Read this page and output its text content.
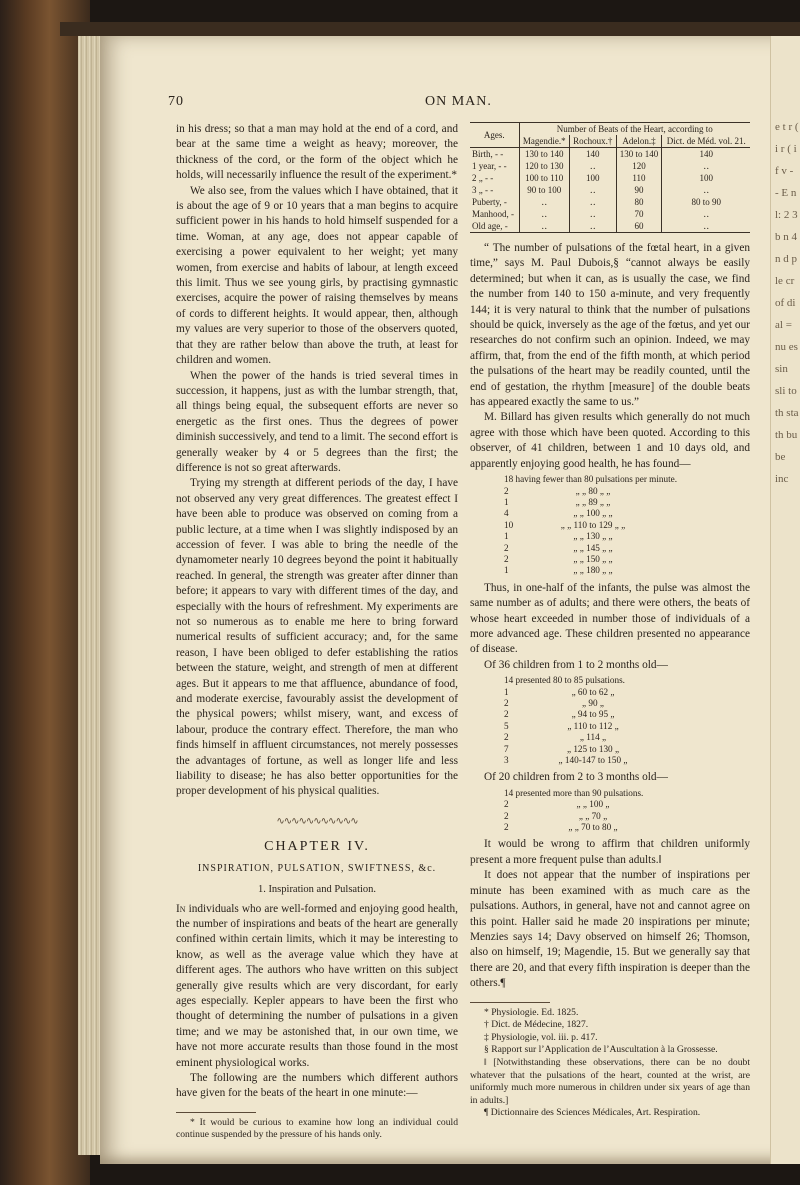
e t r ( i r ( i f v - - E n l: 2 3 b n 4 n d p le cr of di al = nu es sin sli to th sta th bu be inc
70	ON MAN.

in his dress; so that a man may hold at the end of a cord, and bear at the same time a weight as heavy; moreover, the thickness of the cord, or the form of the object which he holds, will necessarily influence the result of the experiment.*

We also see, from the values which I have obtained, that it is about the age of 9 or 10 years that a man begins to acquire sufficient power in his hands to hold himself suspended for a time. Woman, at any age, does not appear capable of exercising a power equivalent to her weight; yet many women, from exercise and habits of labour, at length exceed this limit. Thus we see young girls, by practising gymnastic exercises, acquire the power of raising themselves by means of cords to different heights. It would appear, then, although my values are very superior to those of the observers quoted, that they are rather below than above the truth, at least for children and women.

When the power of the hands is tried several times in succession, it happens, just as with the lumbar strength, that, all things being equal, the subsequent efforts are never so energetic as the first ones. Thus the degrees of power diminish successively, and tend to a limit. The second effort is generally weaker by 4 or 5 degrees than the first; the difference is not so great afterwards.

Trying my strength at different periods of the day, I have not observed any very great differences. The greatest effect I have been able to produce was observed on coming from a public lecture, at a time when I was slightly indisposed by an accession of fever. I was able to bring the needle of the dynamometer nearly 10 degrees beyond the point it habitually reached. In general, the strength was greater after dinner than before; it appears to vary with different times of the day, and especially with the hours of refreshment. My experiments are not so numerous as to enable me here to bring forward numerical results of sufficient accuracy; and, for the same reason, I have been obliged to defer establishing the ratios between the stature, weight, and strength of men at different ages. But it appears to me that affluence, abundance of food, and moderate exercise, favourably assist the development of the physical powers; whilst misery, want, and excess of labour, produce the contrary effect. Therefore, the man who finds himself in affluent circumstances, not merely possesses the advantages of fortune, as well as longer life and less liability to disease; he has also better opportunities for the proper development of his physical qualities.

∿∿∿∿∿∿∿∿∿∿∿
CHAPTER IV.
INSPIRATION, PULSATION, SWIFTNESS, &c.
1. Inspiration and Pulsation.

In individuals who are well-formed and enjoying good health, the number of inspirations and beats of the heart are generally confined within certain limits, which it may be interesting to know, as well as the average value which they have at different ages. The authors who have written on this subject generally give results which are very discordant, for early ages especially. Kepler appears to have been the first who thought of determining the number of pulsations in a given time; and we may be astonished that, in our own time, we have not more accurate results than those found in the most eminent physiological works.

The following are the numbers which different authors have given for the beats of the heart in one minute:—

* It would be curious to examine how long an individual could continue suspended by the pressure of his hands only.

Ages.	Number of Beats of the Heart, according to			
	Magendie.*	Rochoux.†	Adelon.‡	Dict. de Méd. vol. 21.
Birth, - -	130 to 140	140	130 to 140	140
1 year, - -	120 to 130	‥	120	‥
2 „ - -	100 to 110	100	110	100
3 „ - -	90 to 100	‥	90	‥
Puberty, -	‥	‥	80	80 to 90
Manhood, -	‥	‥	70	‥
Old age, -	‥	‥	60	‥

“ The number of pulsations of the fœtal heart, in a given time,” says M. Paul Dubois,§ “cannot always be easily determined; but when it can, as is usually the case, we find the number from 140 to 150 a-minute, and very frequently 144; it is very natural to think that the number of pulsations should be quick, inversely as the age of the fœtus, and yet our researches do not confirm such an opinion. Indeed, we may affirm, that, from the end of the fifth month, at which period the pulsations of the heart may be readily counted, until the end of gestation, the rhythm [measure] of the double beats has appeared exactly the same to us.”

M. Billard has given results which generally do not much agree with those which have been quoted. According to this observer, of 41 children, between 1 and 10 days old, and apparently enjoying good health, he has found—

18 having fewer than 80 pulsations per minute.
2	„ „ 80 „ „
1	„ „ 89 „ „
4	„ „ 100 „ „
10	„ „ 110 to 129 „ „
1	„ „ 130 „ „
2	„ „ 145 „ „
2	„ „ 150 „ „
1	„ „ 180 „ „

Thus, in one-half of the infants, the pulse was almost the same number as of adults; and there were others, the beats of whose heart exceeded in number those of individuals of a more advanced age. These children presented no appearance of disease.

Of 36 children from 1 to 2 months old—

14 presented 80 to 85 pulsations.
1	„ 60 to 62 „
2	„ 90 „
2	„ 94 to 95 „
5	„ 110 to 112 „
2	„ 114 „
7	„ 125 to 130 „
3	„ 140-147 to 150 „

Of 20 children from 2 to 3 months old—

14 presented more than 90 pulsations.
2	„ „ 100 „
2	„ „ 70 „
2	„ „ 70 to 80 „

It would be wrong to affirm that children uniformly present a more frequent pulse than adults.‖

It does not appear that the number of inspirations per minute has been examined with as much care as the pulsations. Authors, in general, have not and cannot agree on this point. Haller said he made 20 inspirations per minute; Menzies says 14; Davy observed on himself 26; Thomson, also on himself, 19; Magendie, 15. But we generally say that there are 20, and that every fifth inspiration is deeper than the others.¶

* Physiologie. Ed. 1825.

† Dict. de Médecine, 1827.

‡ Physiologie, vol. iii. p. 417.

§ Rapport sur l’Application de l’Auscultation à la Grossesse.

‖ [Notwithstanding these observations, there can be no doubt whatever that the pulsations of the heart, counted at the wrist, are uniformly much more numerous in children under six years of age than in adults.]

¶ Dictionnaire des Sciences Médicales, Art. Respiration.
